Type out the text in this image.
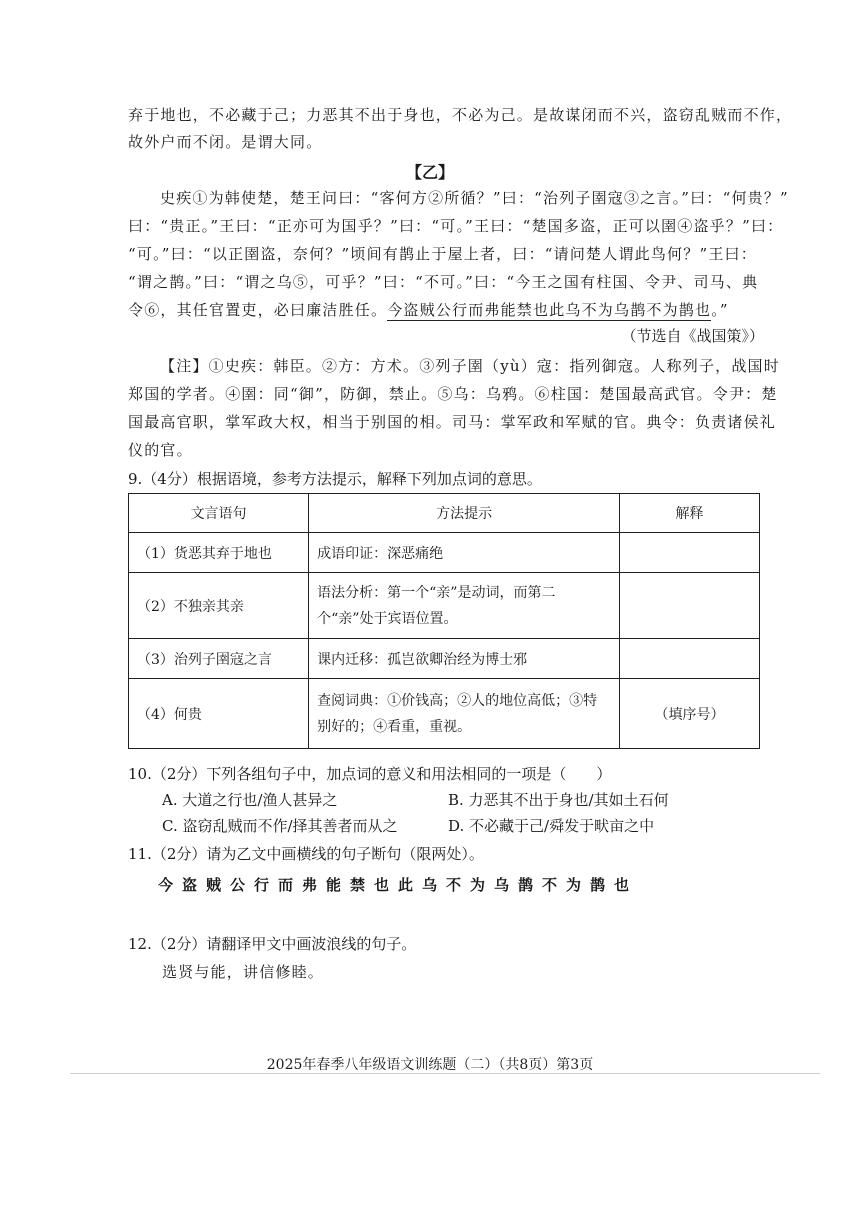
弃于地也，不必藏于己；力恶其不出于身也，不必为己。是故谋闭而不兴，盗窃乱贼而不作，
故外户而不闭。是谓大同。
【乙】
史疾①为韩使楚，楚王问曰：“客何方②所循？”曰：“治列子圉寇③之言。”曰：“何贵？”
曰：“贵正。”王曰：“正亦可为国乎？”曰：“可。”王曰：“楚国多盗，正可以圉④盗乎？”曰：
“可。”曰：“以正圉盗，奈何？”顷间有鹊止于屋上者，曰：“请问楚人谓此鸟何？”王曰：
“谓之鹊。”曰：“谓之乌⑤，可乎？”曰：“不可。”曰：“今王之国有柱国、令尹、司马、典
令⑥，其任官置吏，必曰廉洁胜任。今盗贼公行而弗能禁也此乌不为乌鹊不为鹊也。”
（节选自《战国策》）
【注】①史疾：韩臣。②方：方术。③列子圉（yù）寇：指列御寇。人称列子，战国时
郑国的学者。④圉：同“御”，防御，禁止。⑤乌：乌鸦。⑥柱国：楚国最高武官。令尹：楚
国最高官职，掌军政大权，相当于别国的相。司马：掌军政和军赋的官。典令：负责诸侯礼
仪的官。
9.（4分）根据语境，参考方法提示，解释下列加点词的意思。
文言语句	方法提示	解释
（1）货恶其弃于地也	成语印证：深恶痛绝	
（2）不独亲其亲	语法分析：第一个“亲”是动词，而第二个“亲”处于宾语位置。	
（3）治列子圉寇之言	课内迁移：孤岂欲卿治经为博士邪	
（4）何贵	查阅词典：①价钱高；②人的地位高低；③特别好的；④看重，重视。	（填序号）
10.（2分）下列各组句子中，加点词的意义和用法相同的一项是（　　）
A. 大道之行也/渔人甚异之	B. 力恶其不出于身也/其如土石何
C. 盗窃乱贼而不作/择其善者而从之	D. 不必藏于己/舜发于畎亩之中
11.（2分）请为乙文中画横线的句子断句（限两处）。
今盗贼公行而弗能禁也此乌不为乌鹊不为鹊也
12.（2分）请翻译甲文中画波浪线的句子。
选贤与能，讲信修睦。
2025年春季八年级语文训练题（二）（共8页）第3页
